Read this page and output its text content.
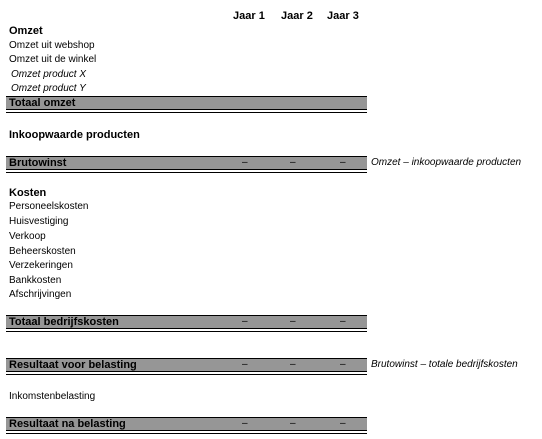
Jaar 1 Jaar 2 Jaar 3
Omzet
Omzet uit webshop
Omzet uit de winkel
Omzet product X
Omzet product Y
Totaal omzet
Inkoopwaarde producten
Brutowinst	–	–	–	Omzet – inkoopwaarde producten
Kosten
Personeelskosten
Huisvestiging
Verkoop
Beheerskosten
Verzekeringen
Bankkosten
Afschrijvingen
Totaal bedrijfskosten	–	–	–
Resultaat voor belasting	–	–	–	Brutowinst – totale bedrijfskosten
Inkomstenbelasting
Resultaat na belasting	–	–	–
